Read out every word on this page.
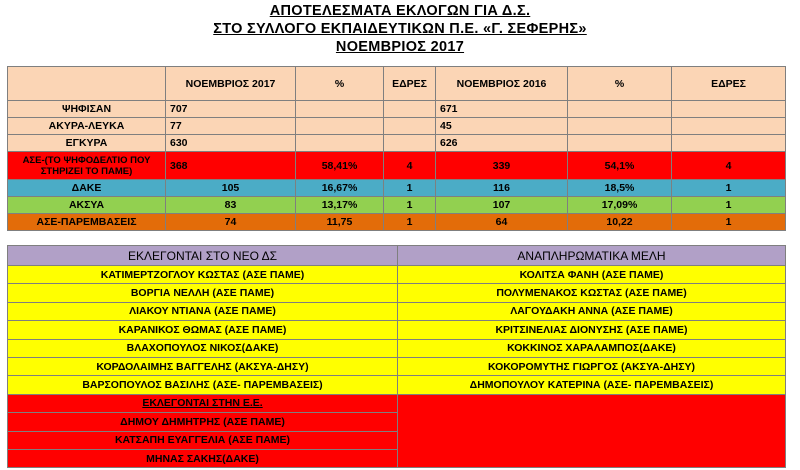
ΑΠΟΤΕΛΕΣΜΑΤΑ ΕΚΛΟΓΩΝ ΓΙΑ Δ.Σ.
ΣΤΟ ΣΥΛΛΟΓΟ ΕΚΠΑΙΔΕΥΤΙΚΩΝ Π.Ε. «Γ. ΣΕΦΕΡΗΣ»
ΝΟΕΜΒΡΙΟΣ 2017
	ΝΟΕΜΒΡΙΟΣ 2017	%	ΕΔΡΕΣ	ΝΟΕΜΒΡΙΟΣ 2016	%	ΕΔΡΕΣ
ΨΗΦΙΣΑΝ	707			671		
ΑΚΥΡΑ-ΛΕΥΚΑ	77			45		
ΕΓΚΥΡΑ	630			626		
ΑΣΕ-(ΤΟ ΨΗΦΟΔΕΛΤΙΟ ΠΟΥ ΣΤΗΡΙΖΕΙ ΤΟ ΠΑΜΕ)	368	58,41%	4	339	54,1%	4
ΔΑΚΕ	105	16,67%	1	116	18,5%	1
ΑΚΣΥΑ	83	13,17%	1	107	17,09%	1
ΑΣΕ-ΠΑΡΕΜΒΑΣΕΙΣ	74	11,75	1	64	10,22	1
ΕΚΛΕΓΟΝΤΑΙ ΣΤΟ ΝΕΟ ΔΣ	ΑΝΑΠΛΗΡΩΜΑΤΙΚΑ ΜΕΛΗ
ΚΑΤΙΜΕΡΤΖΟΓΛΟΥ ΚΩΣΤΑΣ (ΑΣΕ ΠΑΜΕ)	ΚΟΛΙΤΣΑ ΦΑΝΗ (ΑΣΕ ΠΑΜΕ)
ΒΟΡΓΙΑ ΝΕΛΛΗ (ΑΣΕ ΠΑΜΕ)	ΠΟΛΥΜΕΝΑΚΟΣ ΚΩΣΤΑΣ (ΑΣΕ ΠΑΜΕ)
ΛΙΑΚΟΥ ΝΤΙΑΝΑ (ΑΣΕ ΠΑΜΕ)	ΛΑΓΟΥΔΑΚΗ ΑΝΝΑ (ΑΣΕ ΠΑΜΕ)
ΚΑΡΑΝΙΚΟΣ ΘΩΜΑΣ (ΑΣΕ ΠΑΜΕ)	ΚΡΙΤΣΙΝΕΛΙΑΣ ΔΙΟΝΥΣΗΣ (ΑΣΕ ΠΑΜΕ)
ΒΛΑΧΟΠΟΥΛΟΣ ΝΙΚΟΣ(ΔΑΚΕ)	ΚΟΚΚΙΝΟΣ ΧΑΡΑΛΑΜΠΟΣ(ΔΑΚΕ)
ΚΟΡΔΟΛΑΙΜΗΣ ΒΑΓΓΕΛΗΣ (ΑΚΣΥΑ-ΔΗΣΥ)	ΚΟΚΟΡΟΜΥΤΗΣ ΓΙΩΡΓΟΣ (ΑΚΣΥΑ-ΔΗΣΥ)
ΒΑΡΣΟΠΟΥΛΟΣ ΒΑΣΙΛΗΣ (ΑΣΕ- ΠΑΡΕΜΒΑΣΕΙΣ)	ΔΗΜΟΠΟΥΛΟΥ ΚΑΤΕΡΙΝΑ (ΑΣΕ- ΠΑΡΕΜΒΑΣΕΙΣ)
ΕΚΛΕΓΟΝΤΑΙ ΣΤΗΝ Ε.Ε.	
ΔΗΜΟΥ ΔΗΜΗΤΡΗΣ (ΑΣΕ ΠΑΜΕ)	
ΚΑΤΣΑΠΗ ΕΥΑΓΓΕΛΙΑ (ΑΣΕ ΠΑΜΕ)	
ΜΗΝΑΣ ΣΑΚΗΣ(ΔΑΚΕ)	
